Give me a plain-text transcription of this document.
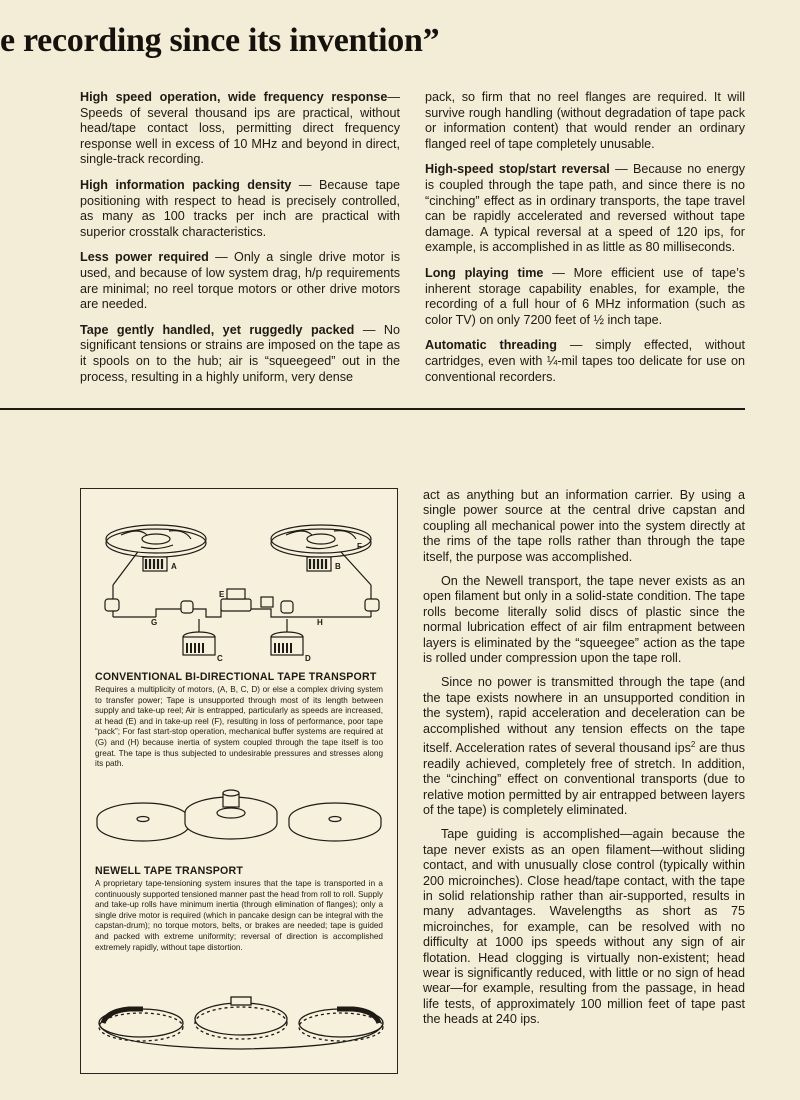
e recording since its invention”

High speed operation, wide frequency response—Speeds of several thousand ips are practical, without head/tape contact loss, permitting direct frequency response well in excess of 10 MHz and beyond in direct, single-track recording.

High information packing density — Because tape positioning with respect to head is precisely controlled, as many as 100 tracks per inch are practical with superior crosstalk characteristics.

Less power required — Only a single drive motor is used, and because of low system drag, h/p requirements are minimal; no reel torque motors or other drive motors are needed.

Tape gently handled, yet ruggedly packed — No significant tensions or strains are imposed on the tape as it spools on to the hub; air is “squeegeed” out in the process, resulting in a highly uniform, very dense

pack, so firm that no reel flanges are required. It will survive rough handling (without degradation of tape pack or information content) that would render an ordinary flanged reel of tape completely unusable.

High-speed stop/start reversal — Because no energy is coupled through the tape path, and since there is no “cinching” effect as in ordinary transports, the tape travel can be rapidly accelerated and reversed without tape damage. A typical reversal at a speed of 120 ips, for example, is accomplished in as little as 80 milliseconds.

Long playing time — More efficient use of tape’s inherent storage capability enables, for example, the recording of a full hour of 6 MHz information (such as color TV) on only 7200 feet of ½ inch tape.

Automatic threading — simply effected, without cartridges, even with ¼-mil tapes too delicate for use on conventional recorders.

A	B
C	D
E
F
G	H
CONVENTIONAL BI-DIRECTIONAL TAPE TRANSPORT
Requires a multiplicity of motors, (A, B, C, D) or else a complex driving system to transfer power; Tape is unsupported through most of its length between supply and take-up reel; Air is entrapped, particularly as speeds are increased, at head (E) and in take-up reel (F), resulting in loss of performance, poor tape “pack”; For fast start-stop operation, mechanical buffer systems are required at (G) and (H) because inertia of system coupled through the tape itself is too great. The tape is thus subjected to undesirable pressures and stresses along its path.
NEWELL TAPE TRANSPORT
A proprietary tape-tensioning system insures that the tape is transported in a continuously supported tensioned manner past the head from roll to roll. Supply and take-up rolls have minimum inertia (through elimination of flanges); only a single drive motor is required (which in pancake design can be integral with the capstan-drum); no torque motors, belts, or brakes are needed; tape is guided and packed with extreme uniformity; reversal of direction is accomplished extremely rapidly, without tape distortion.

act as anything but an information carrier. By using a single power source at the central drive capstan and coupling all mechanical power into the system directly at the rims of the tape rolls rather than through the tape itself, the purpose was accomplished.

On the Newell transport, the tape never exists as an open filament but only in a solid-state condition. The tape rolls become literally solid discs of plastic since the normal lubrication effect of air film entrapment between layers is eliminated by the “squeegee” action as the tape is rolled under compression upon the tape roll.

Since no power is transmitted through the tape (and the tape exists nowhere in an unsupported condition in the system), rapid acceleration and deceleration can be accomplished without any tension effects on the tape itself. Acceleration rates of several thousand ips$^2$ are thus readily achieved, completely free of stretch. In addition, the “cinching” effect on conventional transports (due to relative motion permitted by air entrapped between layers of the tape) is completely eliminated.

Tape guiding is accomplished—again because the tape never exists as an open filament—without sliding contact, and with unusually close control (typically within 200 microinches). Close head/tape contact, with the tape in solid relationship rather than air-supported, results in many advantages. Wavelengths as short as 75 microinches, for example, can be resolved with no difficulty at 1000 ips speeds without any sign of air flotation. Head clogging is virtually non-existent; head wear is significantly reduced, with little or no sign of head wear—for example, resulting from the passage, in head life tests, of approximately 100 million feet of tape past the heads at 240 ips.
